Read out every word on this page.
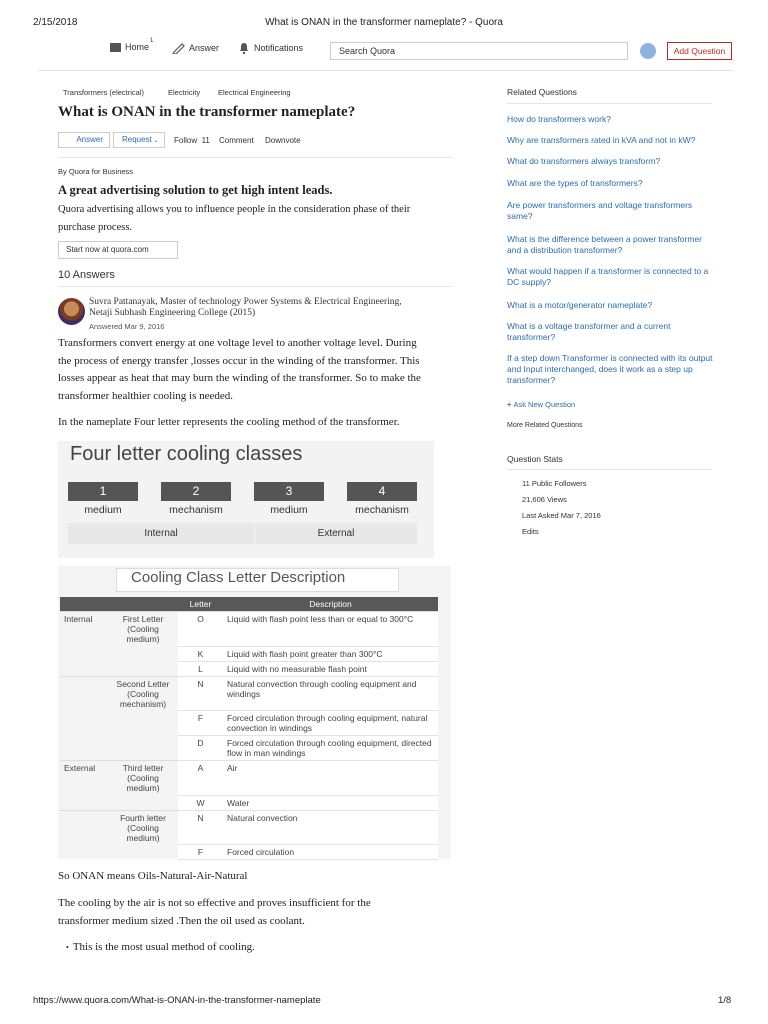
2/15/2018	What is ONAN in the transformer nameplate? - Quora
Home
1
Answer	Notifications	Search Quora	Add Question
Transformers (electrical)	Electricity Electrical Engineering
What is ONAN in the transformer nameplate?
Answer	Request ⌄	Follow 11 Comment Downvote
By Quora for Business
A great advertising solution to get high intent leads.
Quora advertising allows you to influence people in the consideration phase of their purchase process.
Start now at quora.com
10 Answers
Suvra Pattanayak, Master of technology Power Systems & Electrical Engineering, Netaji Subhash Engineering College (2015)
Answered Mar 9, 2016
Transformers convert energy at one voltage level to another voltage level. During the process of energy transfer ,losses occur in the winding of the transformer. This losses appear as heat that may burn the winding of the transformer. So to make the transformer healthier cooling is needed.
In the nameplate Four letter represents the cooling method of the transformer.
Four letter cooling classes
1
medium
2
mechanism
3
medium
4
mechanism
Internal	External
Cooling Class Letter Description
		Letter	Description
Internal	First Letter (Cooling medium)	O	Liquid with flash point less than or equal to 300°C
		K	Liquid with flash point greater than 300°C
		L	Liquid with no measurable flash point
	Second Letter (Cooling mechanism)	N	Natural convection through cooling equipment and windings
		F	Forced circulation through cooling equipment, natural convection in windings
		D	Forced circulation through cooling equipment, directed flow in man windings
External	Third letter (Cooling medium)	A	Air
		W	Water
	Fourth letter (Cooling medium)	N	Natural convection
		F	Forced circulation
So ONAN means Oils-Natural-Air-Natural
The cooling by the air is not so effective and proves insufficient for the transformer medium sized .Then the oil used as coolant.
•  This is the most usual method of cooling.
Related Questions
How do transformers work?
Why are transformers rated in kVA and not in kW?
What do transformers always transform?
What are the types of transformers?
Are power transformers and voltage transformers same?
What is the difference between a power transformer and a distribution transformer?
What would happen if a transformer is connected to a DC supply?
What is a motor/generator nameplate?
What is a voltage transformer and a current transformer?
If a step down Transformer is connected with its output and Input interchanged, does it work as a step up transformer?
+ Ask New Question
More Related Questions
Question Stats
11 Public Followers
21,606 Views
Last Asked Mar 7, 2016
Edits
https://www.quora.com/What-is-ONAN-in-the-transformer-nameplate	1/8
